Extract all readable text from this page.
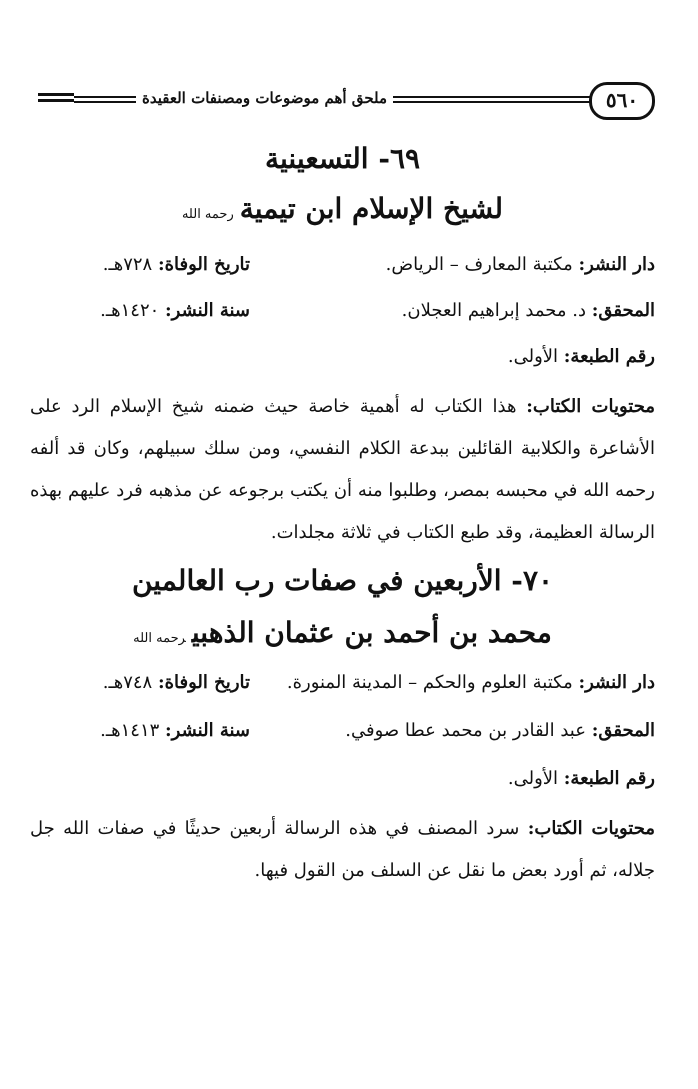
ملحق أهم موضوعات ومصنفات العقيدة	٥٦٠
٦٩- التسعينية
لشيخ الإسلام ابن تيميةرحمه الله
دار النشر: مكتبة المعارف – الرياض.
تاريخ الوفاة: ٧٢٨هـ.
المحقق: د. محمد إبراهيم العجلان.
سنة النشر: ١٤٢٠هـ.
رقم الطبعة: الأولى.
محتويات الكتاب: هذا الكتاب له أهمية خاصة حيث ضمنه شيخ الإسلام الرد على الأشاعرة والكلابية القائلين ببدعة الكلام النفسي، ومن سلك سبيلهم، وكان قد ألفه رحمه الله في محبسه بمصر، وطلبوا منه أن يكتب برجوعه عن مذهبه فرد عليهم بهذه الرسالة العظيمة، وقد طبع الكتاب في ثلاثة مجلدات.
٧٠- الأربعين في صفات رب العالمين
محمد بن أحمد بن عثمان الذهبيرحمه الله
دار النشر: مكتبة العلوم والحكم – المدينة المنورة.
تاريخ الوفاة: ٧٤٨هـ.
المحقق: عبد القادر بن محمد عطا صوفي.
سنة النشر: ١٤١٣هـ.
رقم الطبعة: الأولى.
محتويات الكتاب: سرد المصنف في هذه الرسالة أربعين حديثًا في صفات الله جل جلاله، ثم أورد بعض ما نقل عن السلف من القول فيها.
